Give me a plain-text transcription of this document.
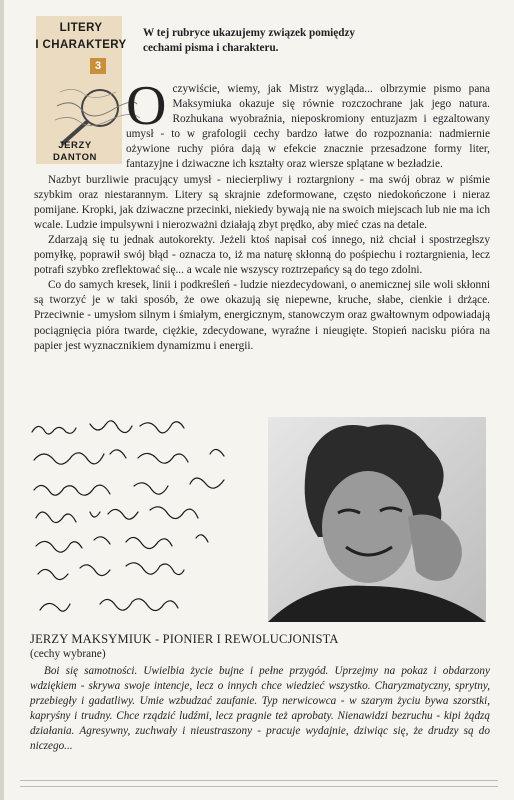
LITERY
I CHARAKTERY
3
JERZY
DANTON
W tej rubryce ukazujemy związek pomiędzy cechami pisma i charakteru.

O czywiście, wiemy, jak Mistrz wygląda... olbrzymie pismo pana Maksymiuka okazuje się równie rozczochrane jak jego natura. Rozhukana wyobraźnia, nieposkromiony entuzjazm i egzaltowany umysł - to w grafologii cechy bardzo łatwe do rozpoznania: nadmiernie ożywione ruchy pióra dają w efekcie znacznie przesadzone formy liter, fantazyjne i dziwaczne ich kształty oraz wiersze splątane w bezładzie.

Nazbyt burzliwie pracujący umysł - niecierpliwy i roztargniony - ma swój obraz w piśmie szybkim oraz niestarannym. Litery są skrajnie zdeformowane, często niedokończone i nieraz pomijane. Kropki, jak dziwaczne przecinki, niekiedy bywają nie na swoich miejscach lub nie ma ich wcale. Ludzie impulsywni i nierozważni działają zbyt prędko, aby mieć czas na detale.

Zdarzają się tu jednak autokorekty. Jeżeli ktoś napisał coś innego, niż chciał i spostrzegłszy pomyłkę, poprawił swój błąd - oznacza to, iż ma naturę skłonną do pośpiechu i roztargnienia, lecz potrafi szybko zreflektować się... a wcale nie wszyscy roztrzepańcy są do tego zdolni.

Co do samych kresek, linii i podkreśleń - ludzie niezdecydowani, o anemicznej sile woli skłonni są tworzyć je w taki sposób, że owe okazują się niepewne, kruche, słabe, cienkie i drżące. Przeciwnie - umysłom silnym i śmiałym, energicznym, stanowczym oraz gwałtownym odpowiadają pociągnięcia pióra twarde, ciężkie, zdecydowane, wyraźne i nieugięte. Stopień nacisku pióra na papier jest wyznacznikiem dynamizmu i energii.

JERZY MAKSYMIUK - PIONIER I REWOLUCJONISTA
(cechy wybrane)
Boi się samotności. Uwielbia życie bujne i pełne przygód. Uprzejmy na pokaz i obdarzony wdziękiem - skrywa swoje intencje, lecz o innych chce wiedzieć wszystko. Charyzmatyczny, sprytny, przebiegły i gadatliwy. Umie wzbudzać zaufanie. Typ nerwicowca - w szarym życiu bywa szorstki, kapryśny i trudny. Chce rządzić ludźmi, lecz pragnie też aprobaty. Nienawidzi bezruchu - kipi żądzą działania. Agresywny, zuchwały i nieustraszony - pracuje wydajnie, dziwiąc się, że drudzy są do niczego...
